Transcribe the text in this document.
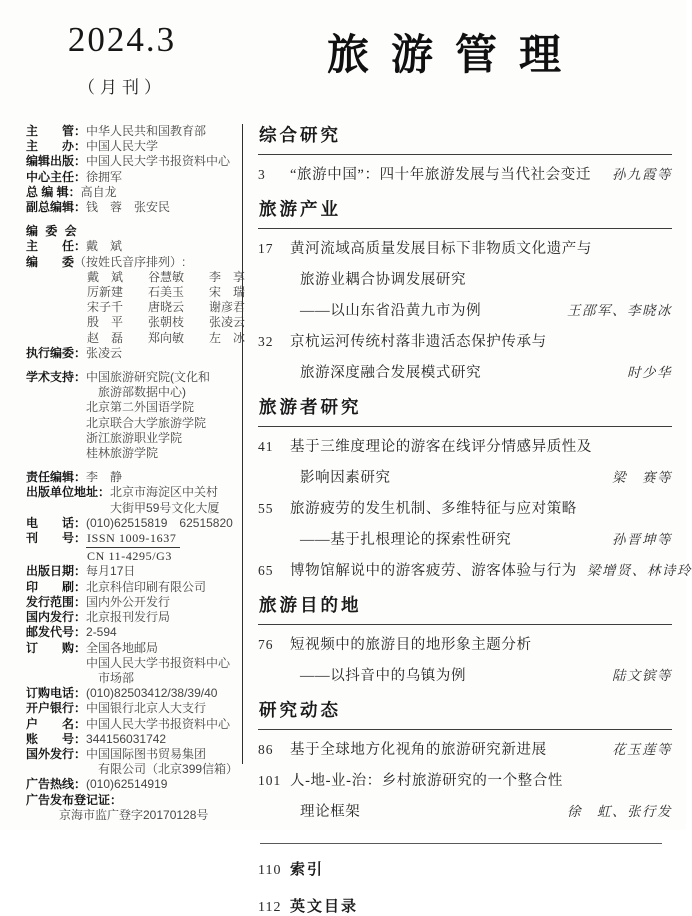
2024.3
（月刊）
旅游管理
主　　管： 中华人民共和国教育部
主　　办： 中国人民大学
编辑出版： 中国人民大学书报资料中心
中心主任： 徐拥军
总 编 辑： 高自龙
副总编辑： 钱　蓉　张安民
编 委 会
主　　任： 戴　斌
编　　委 （按姓氏音序排列）:
戴　斌 谷慧敏 李　享
厉新建 石美玉 宋　瑞
宋子千 唐晓云 谢彦君
殷　平 张朝枝 张凌云
赵　磊 郑向敏 左　冰
执行编委： 张凌云
学术支持： 中国旅游研究院(文化和
　旅游部数据中心)
北京第二外国语学院
北京联合大学旅游学院
浙江旅游职业学院
桂林旅游学院
责任编辑： 李　静
出版单位地址： 北京市海淀区中关村
大街甲59号文化大厦
电　　话： (010)62515819　62515820
刊　　号： $\frac{\text{ISSN 1009-1637}}{CN 11-4295/G3}$
出版日期： 每月17日
印　　刷： 北京科信印刷有限公司
发行范围： 国内外公开发行
国内发行： 北京报刊发行局
邮发代号： 2-594
订　　购： 全国各地邮局
中国人民大学书报资料中心
　市场部
订购电话： (010)82503412/38/39/40
开户银行： 中国银行北京人大支行
户　　名： 中国人民大学书报资料中心
账　　号： 344156031742
国外发行： 中国国际图书贸易集团
　有限公司（北京399信箱）
广告热线： (010)62514919
广告发布登记证：
京海市监广登字20170128号
综合研究
3	“旅游中国”：四十年旅游发展与当代社会变迁	孙九霞等
旅游产业
17	黄河流域高质量发展目标下非物质文化遗产与
旅游业耦合协调发展研究
——以山东省沿黄九市为例	王邵军、李晓冰
32	京杭运河传统村落非遗活态保护传承与
旅游深度融合发展模式研究	时少华
旅游者研究
41	基于三维度理论的游客在线评分情感异质性及
影响因素研究	梁　赛等
55	旅游疲劳的发生机制、多维特征与应对策略
——基于扎根理论的探索性研究	孙晋坤等
65	博物馆解说中的游客疲劳、游客体验与行为 梁增贤、林诗玲
旅游目的地
76	短视频中的旅游目的地形象主题分析
——以抖音中的乌镇为例	陆文镔等
研究动态
86	基于全球地方化视角的旅游研究新进展	花玉莲等
101 人-地-业-治：乡村旅游研究的一个整合性
理论框架	徐　虹、张行发
110 索引
112 英文目录
